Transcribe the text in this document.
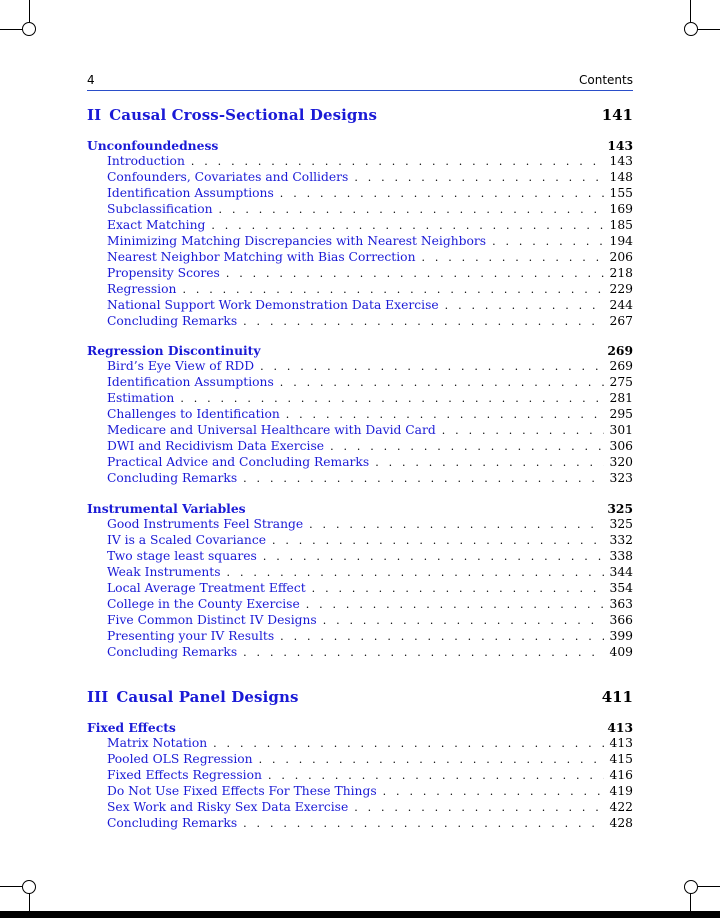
4	Contents
II Causal Cross-Sectional Designs	141
Unconfoundedness	143
Introduction . . .	143
Confounders, Covariates and Colliders . . .	148
Identification Assumptions . . .	155
Subclassification . . .	169
Exact Matching . . .	185
Minimizing Matching Discrepancies with Nearest Neighbors . . .	194
Nearest Neighbor Matching with Bias Correction . . .	206
Propensity Scores . . .	218
Regression . . .	229
National Support Work Demonstration Data Exercise . . .	244
Concluding Remarks . . .	267
Regression Discontinuity	269
Bird’s Eye View of RDD . . .	269
Identification Assumptions . . .	275
Estimation . . .	281
Challenges to Identification . . .	295
Medicare and Universal Healthcare with David Card . . .	301
DWI and Recidivism Data Exercise . . .	306
Practical Advice and Concluding Remarks . . .	320
Concluding Remarks . . .	323
Instrumental Variables	325
Good Instruments Feel Strange . . .	325
IV is a Scaled Covariance . . .	332
Two stage least squares . . .	338
Weak Instruments . . .	344
Local Average Treatment Effect . . .	354
College in the County Exercise . . .	363
Five Common Distinct IV Designs . . .	366
Presenting your IV Results . . .	399
Concluding Remarks . . .	409
III Causal Panel Designs	411
Fixed Effects	413
Matrix Notation . . .	413
Pooled OLS Regression . . .	415
Fixed Effects Regression . . .	416
Do Not Use Fixed Effects For These Things . . .	419
Sex Work and Risky Sex Data Exercise . . .	422
Concluding Remarks . . .	428
